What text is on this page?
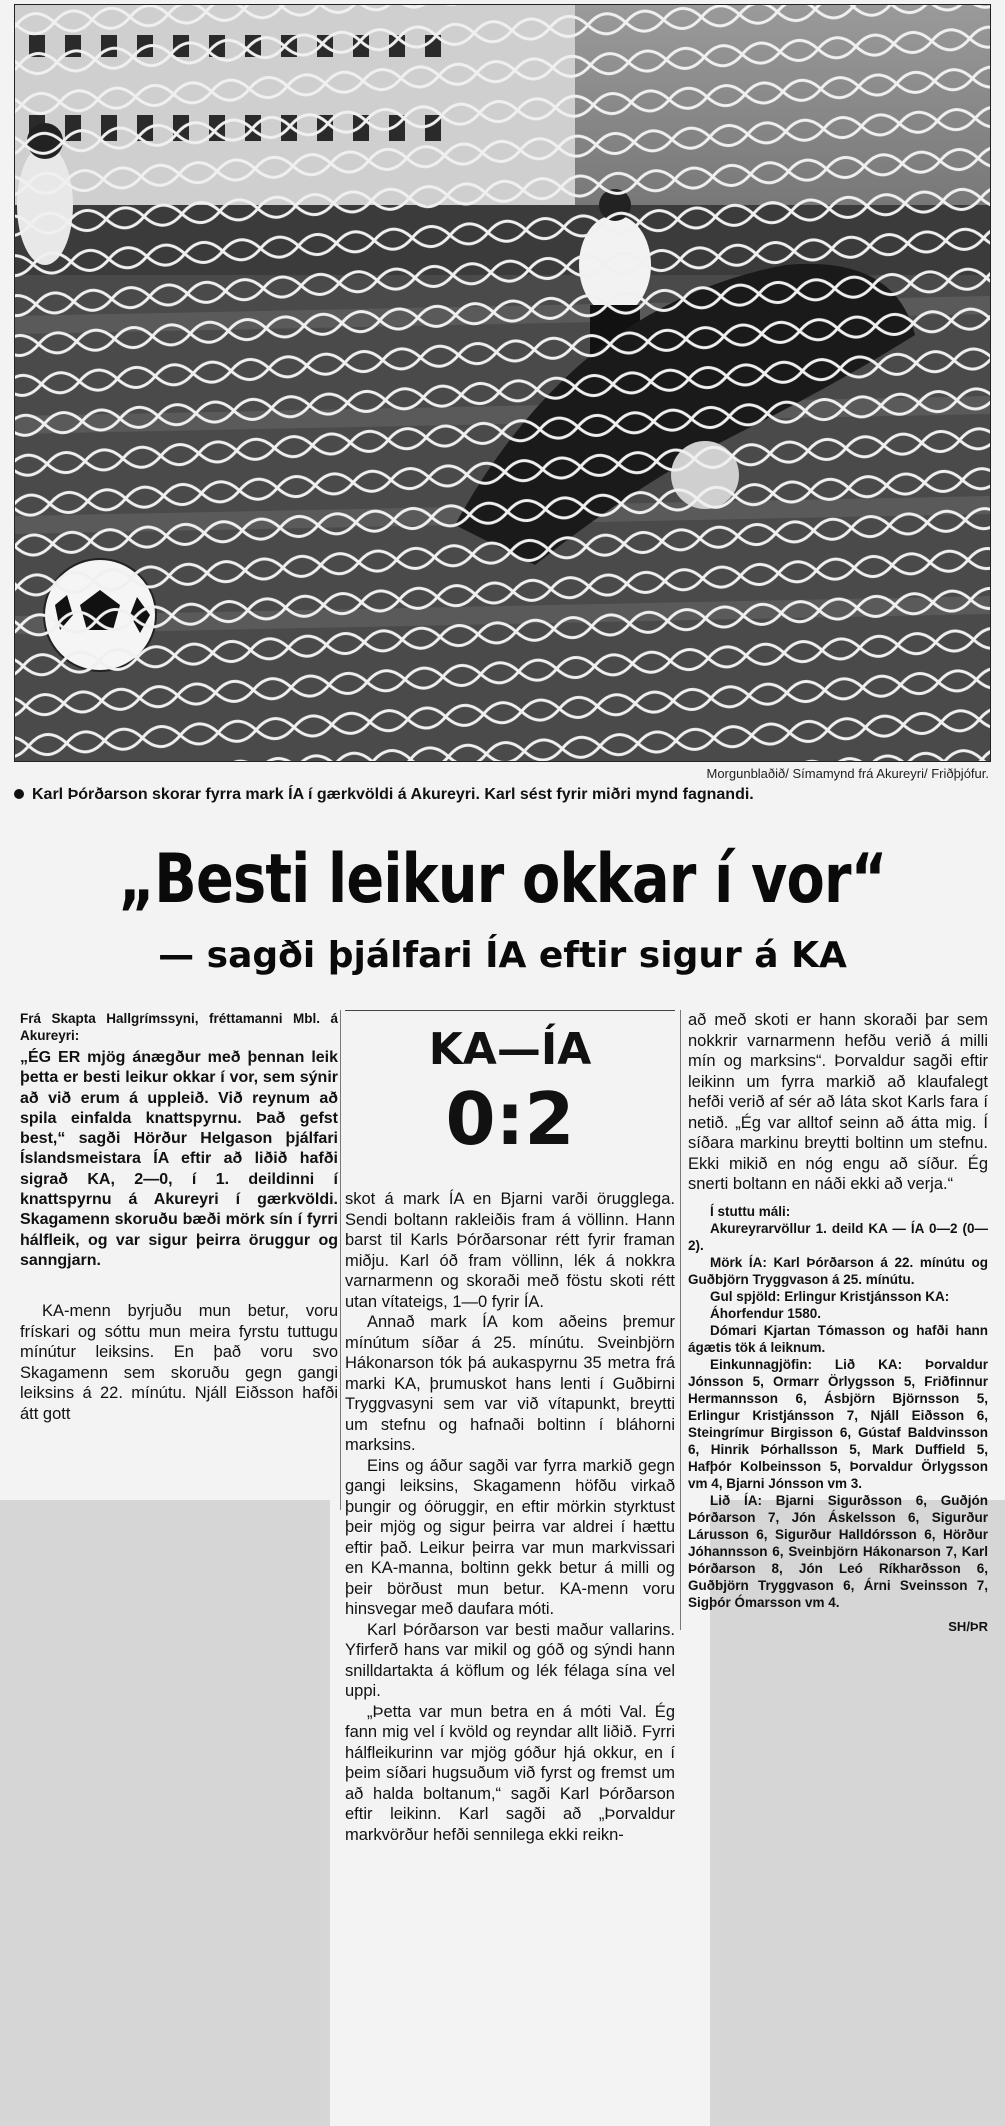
Morgunblaðið/ Símamynd frá Akureyri/ Friðþjófur.
Karl Þórðarson skorar fyrra mark ÍA í gærkvöldi á Akureyri. Karl sést fyrir miðri mynd fagnandi.
„Besti leikur okkar í vor“
— sagði þjálfari ÍA eftir sigur á KA

Frá Skapta Hallgrímssyni, fréttamanni Mbl. á Akureyri:

„ÉG ER mjög ánægður með þennan leik þetta er besti leikur okkar í vor, sem sýnir að við erum á uppleið. Við reynum að spila einfalda knattspyrnu. Það gefst best,“ sagði Hörður Helgason þjálfari Íslandsmeistara ÍA eftir að liðið hafði sigrað KA, 2—0, í 1. deildinni í knattspyrnu á Akureyri í gærkvöldi. Skagamenn skoruðu bæði mörk sín í fyrri hálfleik, og var sigur þeirra öruggur og sanngjarn.

KA-menn byrjuðu mun betur, voru frískari og sóttu mun meira fyrstu tuttugu mínútur leiksins. En það voru svo Skagamenn sem skoruðu gegn gangi leiksins á 22. mínútu. Njáll Eiðsson hafði átt gott

KA—ÍA
0:2

skot á mark ÍA en Bjarni varði örugglega. Sendi boltann rakleiðis fram á völlinn. Hann barst til Karls Þórðarsonar rétt fyrir framan miðju. Karl óð fram völlinn, lék á nokkra varnarmenn og skoraði með föstu skoti rétt utan vítateigs, 1—0 fyrir ÍA.

Annað mark ÍA kom aðeins þremur mínútum síðar á 25. mínútu. Sveinbjörn Hákonarson tók þá aukaspyrnu 35 metra frá marki KA, þrumuskot hans lenti í Guðbirni Tryggvasyni sem var við vítapunkt, breytti um stefnu og hafnaði boltinn í bláhorni marksins.

Eins og áður sagði var fyrra markið gegn gangi leiksins, Skagamenn höfðu virkað þungir og óöruggir, en eftir mörkin styrktust þeir mjög og sigur þeirra var aldrei í hættu eftir það. Leikur þeirra var mun markvissari en KA-manna, boltinn gekk betur á milli og þeir börðust mun betur. KA-menn voru hinsvegar með daufara móti.

Karl Þórðarson var besti maður vallarins. Yfirferð hans var mikil og góð og sýndi hann snilldartakta á köflum og lék félaga sína vel uppi.

„Þetta var mun betra en á móti Val. Ég fann mig vel í kvöld og reyndar allt liðið. Fyrri hálfleikurinn var mjög góður hjá okkur, en í þeim síðari hugsuðum við fyrst og fremst um að halda boltanum,“ sagði Karl Þórðarson eftir leikinn. Karl sagði að „Þorvaldur markvörður hefði sennilega ekki reikn-

að með skoti er hann skoraði þar sem nokkrir varnarmenn hefðu verið á milli mín og marksins“. Þorvaldur sagði eftir leikinn um fyrra markið að klaufalegt hefði verið af sér að láta skot Karls fara í netið. „Ég var alltof seinn að átta mig. Í síðara markinu breytti boltinn um stefnu. Ekki mikið en nóg engu að síður. Ég snerti boltann en náði ekki að verja.“

Í stuttu máli:

Akureyrarvöllur 1. deild KA — ÍA 0—2 (0—2).

Mörk ÍA: Karl Þórðarson á 22. mínútu og Guðbjörn Tryggvason á 25. mínútu.

Gul spjöld: Erlingur Kristjánsson KA:

Áhorfendur 1580.

Dómari Kjartan Tómasson og hafði hann ágætis tök á leiknum.

Einkunnagjöfin: Lið KA: Þorvaldur Jónsson 5, Ormarr Örlygsson 5, Friðfinnur Hermannsson 6, Ásbjörn Björnsson 5, Erlingur Kristjánsson 7, Njáll Eiðsson 6, Steingrímur Birgisson 6, Gústaf Baldvinsson 6, Hinrik Þórhallsson 5, Mark Duffield 5, Hafþór Kolbeinsson 5, Þorvaldur Örlygsson vm 4, Bjarni Jónsson vm 3.

Lið ÍA: Bjarni Sigurðsson 6, Guðjón Þórðarson 7, Jón Áskelsson 6, Sigurður Lárusson 6, Sigurður Halldórsson 6, Hörður Jóhannsson 6, Sveinbjörn Hákonarson 7, Karl Þórðarson 8, Jón Leó Ríkharðsson 6, Guðbjörn Tryggvason 6, Árni Sveinsson 7, Sigþór Ómarsson vm 4.

SH/ÞR
